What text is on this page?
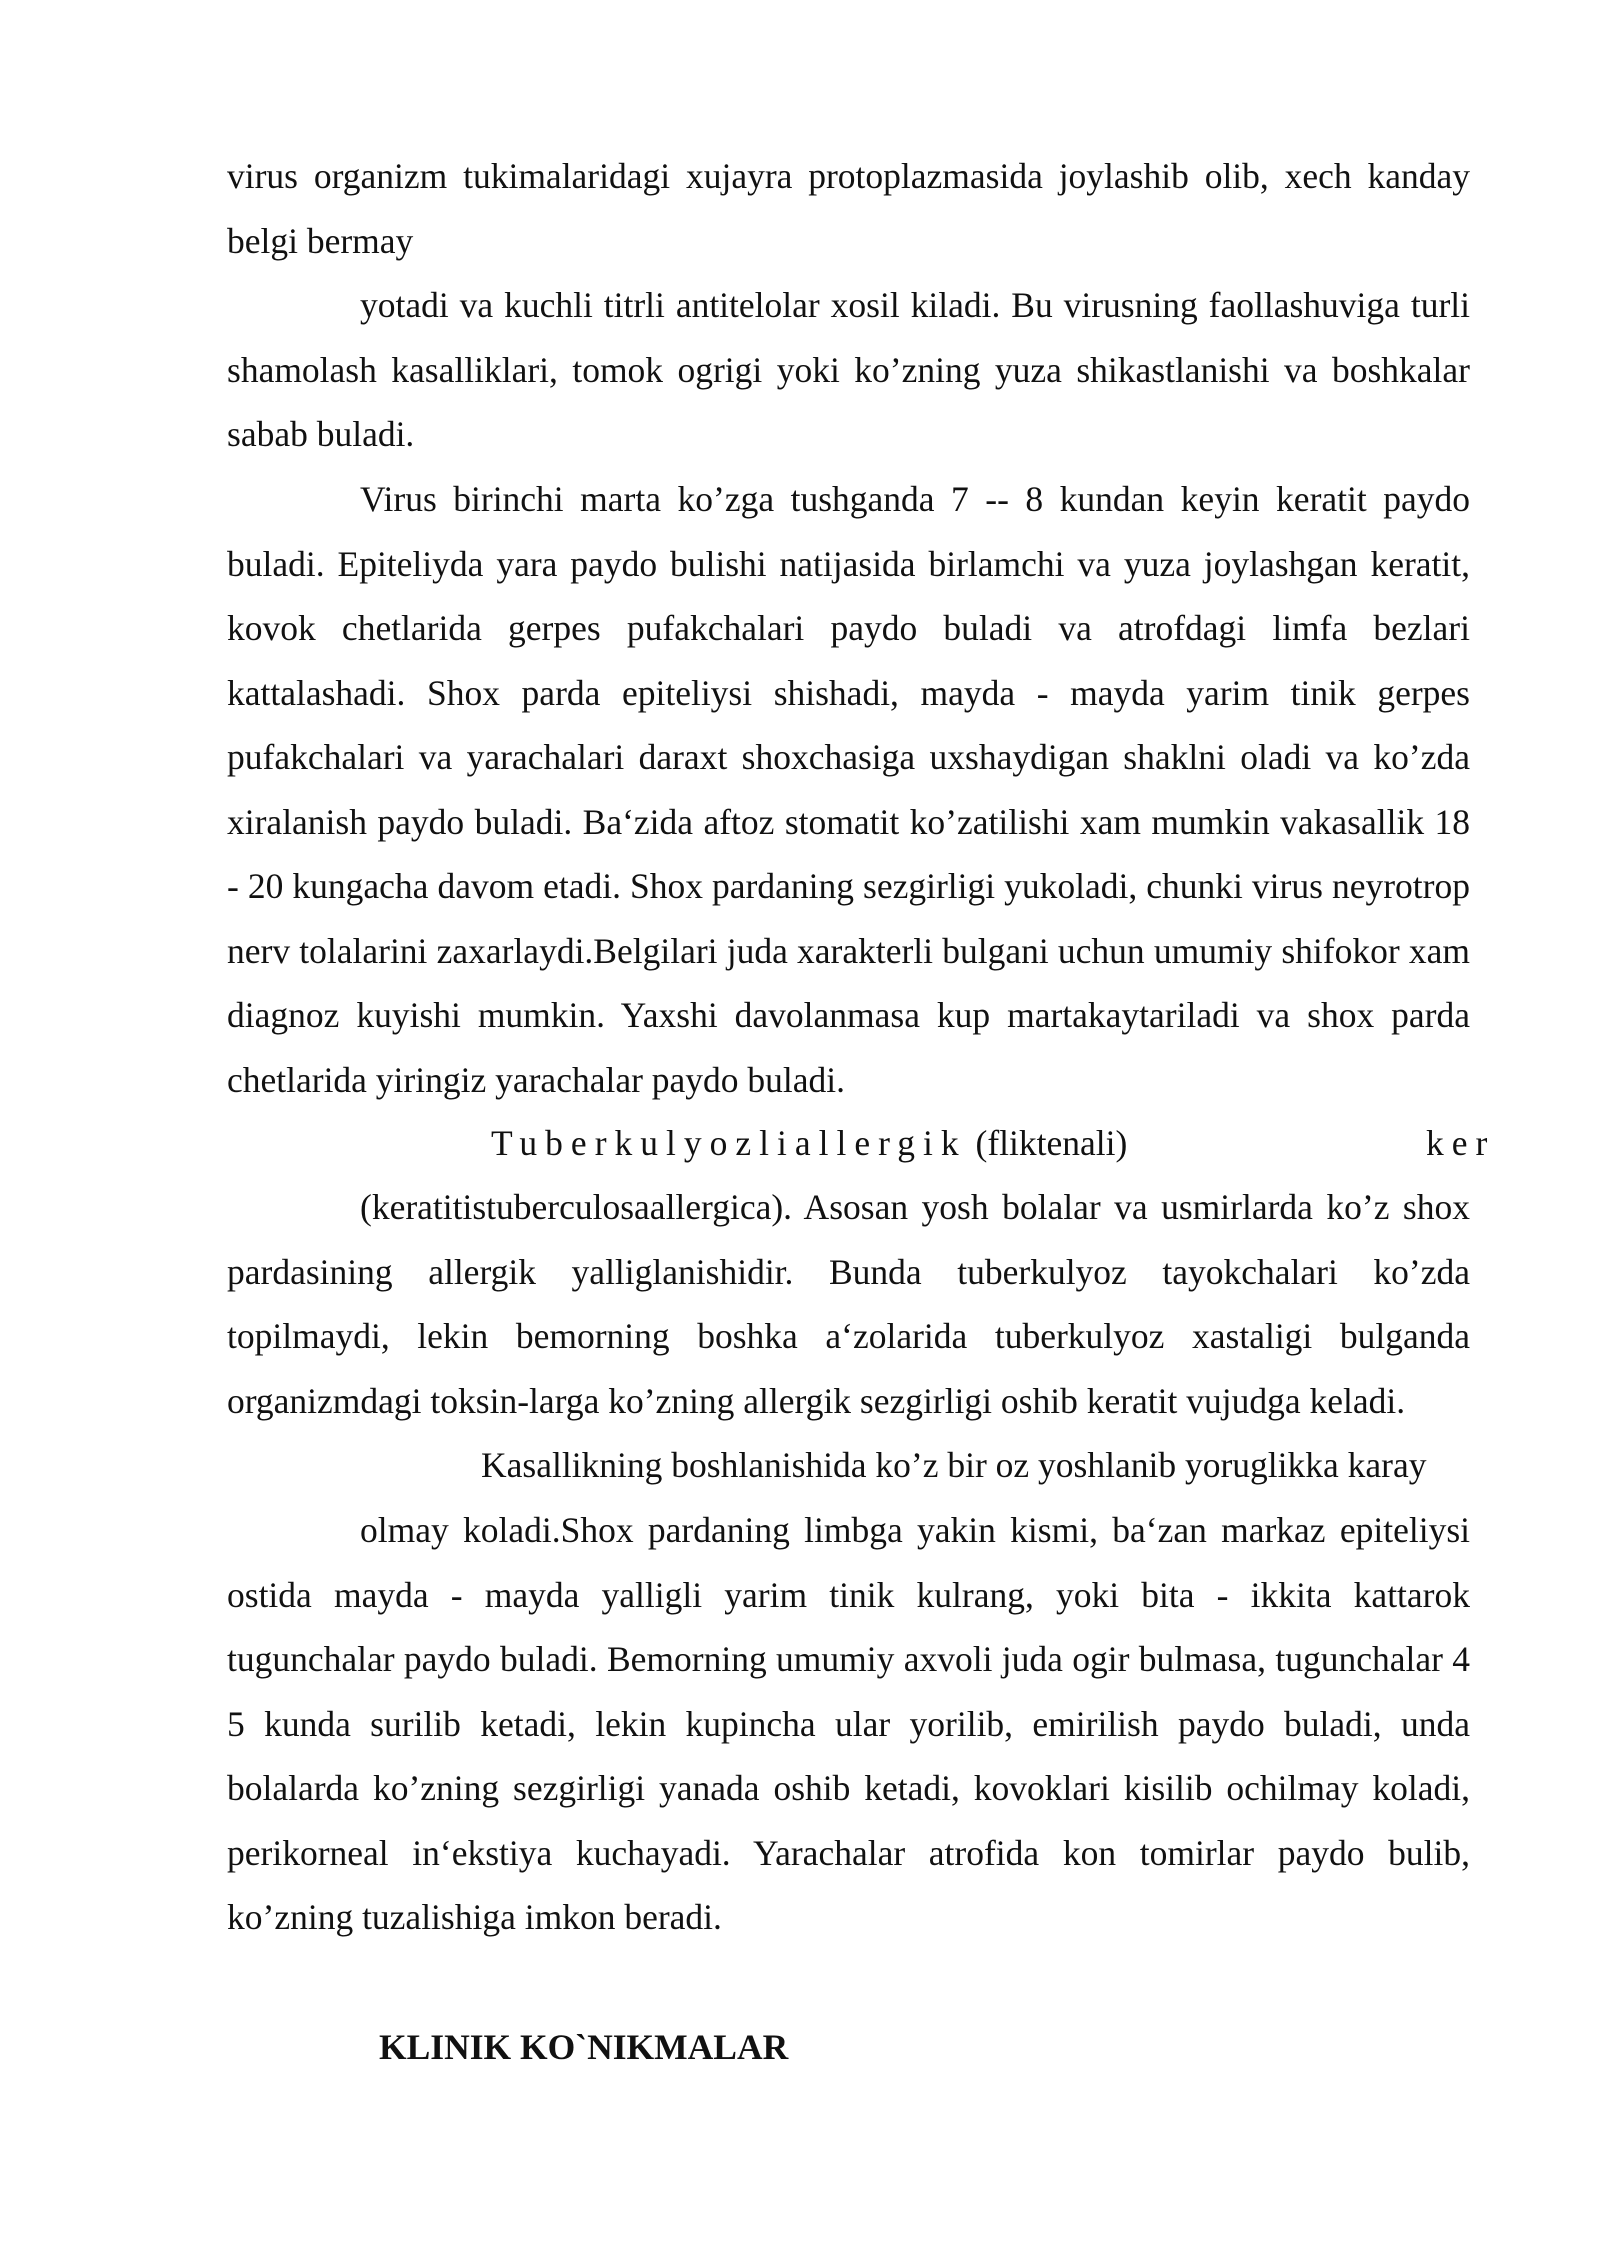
virus organizm tukimalaridagi xujayra protoplazmasida joylashib olib, xech kanday belgi bermay

yotadi va kuchli titrli antitelolar xosil kiladi. Bu virusning faollashuviga turli shamolash kasalliklari, tomok ogrigi yoki ko’zning yuza shikastlanishi va boshkalar sabab buladi.

Virus birinchi marta ko’zga tushganda 7 -- 8 kundan keyin keratit paydo buladi. Epiteliyda yara paydo bulishi natijasida birlamchi va yuza joylashgan keratit, kovok chetlarida gerpes pufakchalari paydo buladi va atrofdagi limfa bezlari kattalashadi. Shox parda epiteliysi shishadi, mayda - mayda yarim tinik gerpes pufakchalari va yarachalari daraxt shoxchasiga uxshaydigan shaklni oladi va ko’zda xiralanish paydo buladi. Ba‘zida aftoz stomatit ko’zatilishi xam mumkin vakasallik 18 - 20 kungacha davom etadi. Shox pardaning sezgirligi yukoladi, chunki virus neyrotrop nerv tolalarini zaxarlaydi.Belgilari juda xarakterli bulgani uchun umumiy shifokor xam diagnoz kuyishi mumkin. Yaxshi davolanmasa kup martakaytariladi va shox parda chetlarida yiringiz yarachalar paydo buladi.

Tuberkulyozliallergik (fliktenali)	ker

(keratitistuberculosaallergica). Asosan yosh bolalar va usmirlarda ko’z shox pardasining allergik yalliglanishidir. Bunda tuberkulyoz tayokchalari ko’zda topilmaydi, lekin bemorning boshka a‘zolarida tuberkulyoz xastaligi bulganda organizmdagi toksin-larga ko’zning allergik sezgirligi oshib keratit vujudga keladi.

Kasallikning boshlanishida ko’z bir oz yoshlanib yoruglikka karay

olmay koladi.Shox pardaning limbga yakin kismi, ba‘zan markaz epiteliysi ostida mayda - mayda yalligli yarim tinik kulrang, yoki bita - ikkita kattarok tugunchalar paydo buladi. Bemorning umumiy axvoli juda ogir bulmasa, tugunchalar 4 5 kunda surilib ketadi, lekin kupincha ular yorilib, emirilish paydo buladi, unda bolalarda ko’zning sezgirligi yanada oshib ketadi, kovoklari kisilib ochilmay koladi, perikorneal in‘ekstiya kuchayadi. Yarachalar atrofida kon tomirlar paydo bulib, ko’zning tuzalishiga imkon beradi.

KLINIK KO`NIKMALAR
